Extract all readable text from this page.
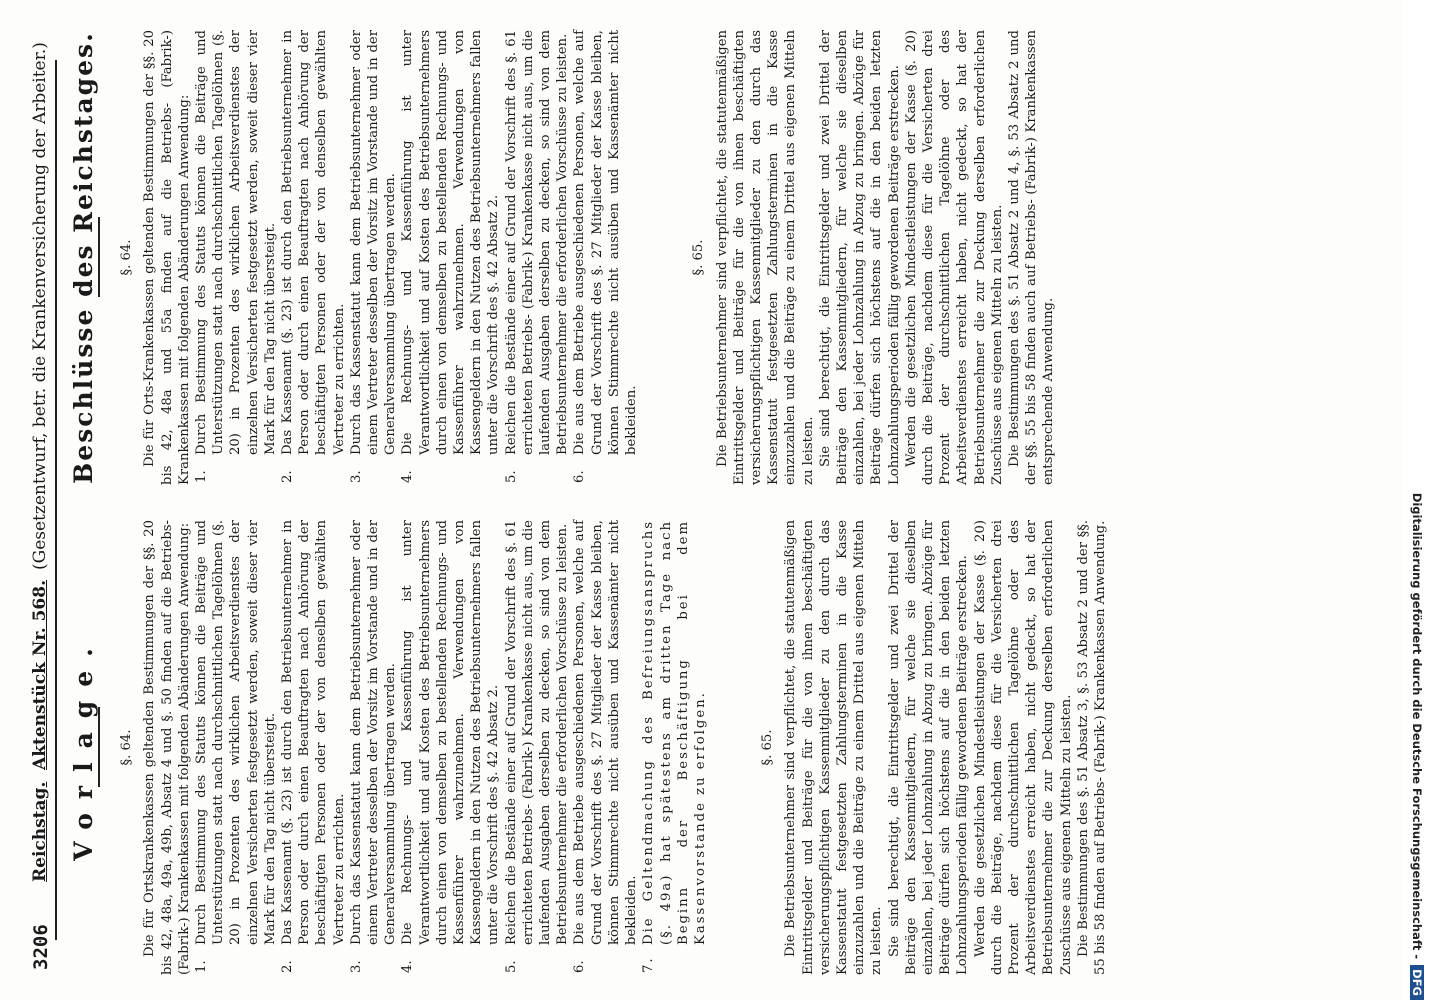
3206
Reichstag.
Aktenstück Nr. 568.
(Gesetzentwurf, betr. die Krankenversicherung der Arbeiter.)
Vorlage. §. 64. Die für Ortskrankenkassen geltenden Bestimmungen der §§. 20 bis 42, 48a, 49a, 49b, Absatz 4 und §. 50 finden auf die Betriebs- (Fabrik-) Krankenkassen mit folgenden Abänderungen Anwendung: 1.
Durch Bestimmung des Statuts können die Beiträge und Unterstützungen statt nach durchschnittlichen Tagelöhnen (§. 20) in Prozenten des wirklichen Arbeitsverdienstes der einzelnen Versicherten festgesetzt werden, soweit dieser vier Mark für den Tag nicht übersteigt.
2.
Das Kassenamt (§. 23) ist durch den Betriebsunternehmer in Person oder durch einen Beauftragten nach Anhörung der beschäftigten Personen oder der von denselben gewählten Vertreter zu errichten.
3.
Durch das Kassenstatut kann dem Betriebsunternehmer oder einem Vertreter desselben der Vorsitz im Vorstande und in der Generalversammlung übertragen werden.
4.
Die Rechnungs- und Kassenführung ist unter Verantwortlichkeit und auf Kosten des Betriebsunternehmers durch einen von demselben zu bestellenden Rechnungs- und Kassenführer wahrzunehmen. Verwendungen von Kassengeldern in den Nutzen des Betriebsunternehmers fallen unter die Vorschrift des §. 42 Absatz 2.
5.
Reichen die Bestände einer auf Grund der Vorschrift des §. 61 errichteten Betriebs- (Fabrik-) Krankenkasse nicht aus, um die laufenden Ausgaben derselben zu decken, so sind von dem Betriebsunternehmer die erforderlichen Vorschüsse zu leisten.
6.
Die aus dem Betriebe ausgeschiedenen Personen, welche auf Grund der Vorschrift des §. 27 Mitglieder der Kasse bleiben, können Stimmrechte nicht ausüben und Kassenämter nicht bekleiden.
7.
Die Geltendmachung des Befreiungsanspruchs (§. 49a) hat spätestens am dritten Tage nach Beginn der Beschäftigung bei dem Kassenvorstande zu erfolgen.	§. 65. Die Betriebsunternehmer sind verpflichtet, die statutenmäßigen Eintrittsgelder und Beiträge für die von ihnen beschäftigten versicherungspflichtigen Kassenmitglieder zu den durch das Kassenstatut festgesetzten Zahlungsterminen in die Kasse einzuzahlen und die Beiträge zu einem Drittel aus eigenen Mitteln zu leisten. Sie sind berechtigt, die Eintrittsgelder und zwei Drittel der Beiträge den Kassenmitgliedern, für welche sie dieselben einzahlen, bei jeder Lohnzahlung in Abzug zu bringen. Abzüge für Beiträge dürfen sich höchstens auf die in den beiden letzten Lohnzahlungsperioden fällig gewordenen Beiträge erstrecken. Werden die gesetzlichen Mindestleistungen der Kasse (§. 20) durch die Beiträge, nachdem diese für die Versicherten drei Prozent der durchschnittlichen Tagelöhne oder des Arbeitsverdienstes erreicht haben, nicht gedeckt, so hat der Betriebsunternehmer die zur Deckung derselben erforderlichen Zuschüsse aus eigenen Mitteln zu leisten. Die Bestimmungen des §. 51 Absatz 3, §. 53 Absatz 2 und der §§. 55 bis 58 finden auf Betriebs- (Fabrik-) Krankenkassen Anwendung.

Beschlüsse des Reichstages. §. 64. Die für Orts-Krankenkassen geltenden Bestimmungen der §§. 20 bis 42, 48a und 55a finden auf die Betriebs- (Fabrik-) Krankenkassen mit folgenden Abänderungen Anwendung: 1.
Durch Bestimmung des Statuts können die Beiträge und Unterstützungen statt nach durchschnittlichen Tagelöhnen (§. 20) in Prozenten des wirklichen Arbeitsverdienstes der einzelnen Versicherten festgesetzt werden, soweit dieser vier Mark für den Tag nicht übersteigt.
2.
Das Kassenamt (§. 23) ist durch den Betriebsunternehmer in Person oder durch einen Beauftragten nach Anhörung der beschäftigten Personen oder der von denselben gewählten Vertreter zu errichten.
3.
Durch das Kassenstatut kann dem Betriebsunternehmer oder einem Vertreter desselben der Vorsitz im Vorstande und in der Generalversammlung übertragen werden.
4.
Die Rechnungs- und Kassenführung ist unter Verantwortlichkeit und auf Kosten des Betriebsunternehmers durch einen von demselben zu bestellenden Rechnungs- und Kassenführer wahrzunehmen. Verwendungen von Kassengeldern in den Nutzen des Betriebsunternehmers fallen unter die Vorschrift des §. 42 Absatz 2.
5.
Reichen die Bestände einer auf Grund der Vorschrift des §. 61 errichteten Betriebs- (Fabrik-) Krankenkasse nicht aus, um die laufenden Ausgaben derselben zu decken, so sind von dem Betriebsunternehmer die erforderlichen Vorschüsse zu leisten.
6.
Die aus dem Betriebe ausgeschiedenen Personen, welche auf Grund der Vorschrift des §. 27 Mitglieder der Kasse bleiben, können Stimmrechte nicht ausüben und Kassenämter nicht bekleiden.
§. 65. Die Betriebsunternehmer sind verpflichtet, die statutenmäßigen Eintrittsgelder und Beiträge für die von ihnen beschäftigten versicherungspflichtigen Kassenmitglieder zu den durch das Kassenstatut festgesetzten Zahlungsterminen in die Kasse einzuzahlen und die Beiträge zu einem Drittel aus eigenen Mitteln zu leisten. Sie sind berechtigt, die Eintrittsgelder und zwei Drittel der Beiträge den Kassenmitgliedern, für welche sie dieselben einzahlen, bei jeder Lohnzahlung in Abzug zu bringen. Abzüge für Beiträge dürfen sich höchstens auf die in den beiden letzten Lohnzahlungsperioden fällig gewordenen Beiträge erstrecken. Werden die gesetzlichen Mindestleistungen der Kasse (§. 20) durch die Beiträge, nachdem diese für die Versicherten drei Prozent der durchschnittlichen Tagelöhne oder des Arbeitsverdienstes erreicht haben, nicht gedeckt, so hat der Betriebsunternehmer die zur Deckung derselben erforderlichen Zuschüsse aus eigenen Mitteln zu leisten. Die Bestimmungen des §. 51 Absatz 2 und 4, §. 53 Absatz 2 und der §§. 55 bis 58 finden auch auf Betriebs- (Fabrik-) Krankenkassen entsprechende Anwendung.

Digitalisierung gefördert durch die Deutsche Forschungsgemeinschaft -DFG
